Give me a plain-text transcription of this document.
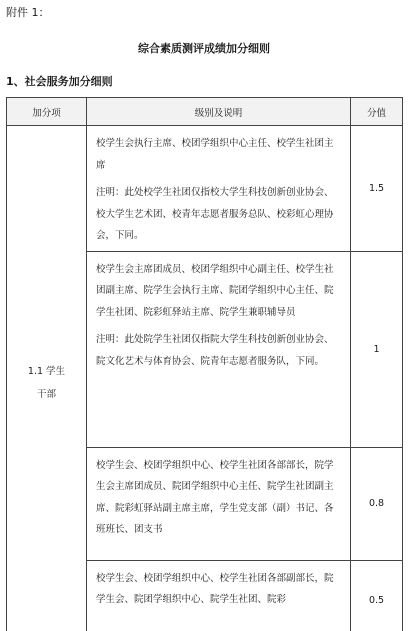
附件 1：
综合素质测评成绩加分细则
1、社会服务加分细则
加分项	级别及说明	分值
1.1 学生干部	校学生会执行主席、校团学组织中心主任、校学生社团主席

注明：此处校学生社团仅指校大学生科技创新创业协会、校大学生艺术团、校青年志愿者服务总队、校彩虹心理协会，下同。	1.5

	校学生会主席团成员、校团学组织中心副主任、校学生社团副主席、院学生会执行主席、院团学组织中心主任、院学生社团、院彩虹驿站主席、院学生兼职辅导员

注明：此处院学生社团仅指院大学生科技创新创业协会、院文化艺术与体育协会、院青年志愿者服务队，下同。	1

	校学生会、校团学组织中心、校学生社团各部部长，院学生会主席团成员、院团学组织中心主任、院学生社团副主席、院彩虹驿站副主席主席，学生党支部（副）书记、各班班长、团支书	0.8

	校学生会、校团学组织中心、校学生社团各部副部长，院学生会、院团学组织中心、院学生社团、院彩	0.5
